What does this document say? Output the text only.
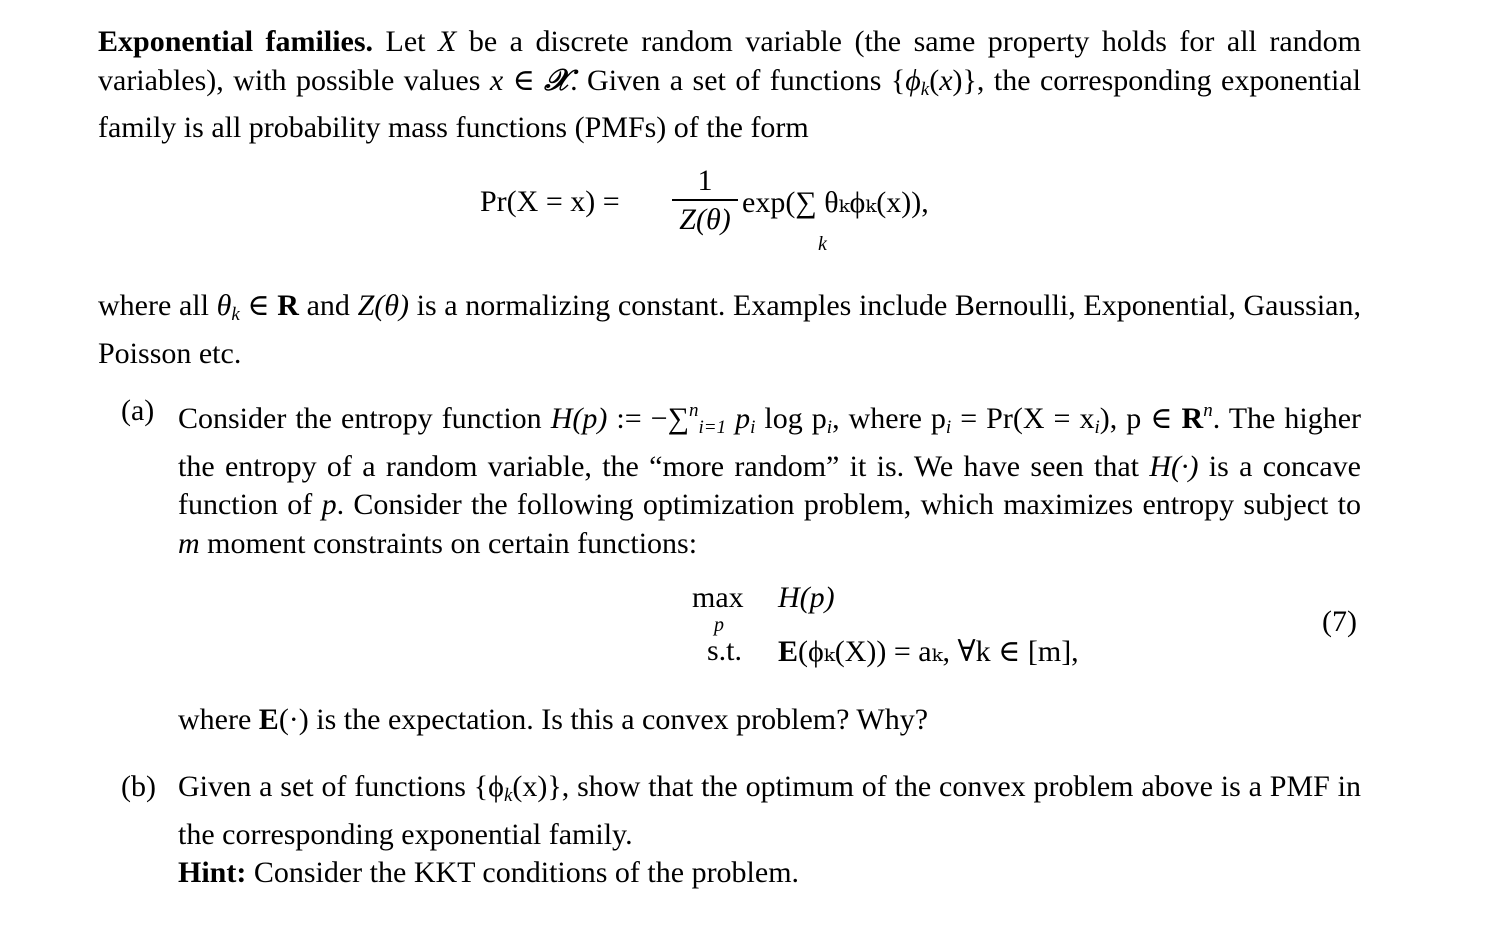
Exponential families. Let X be a discrete random variable (the same property holds for all random variables), with possible values x ∈ 𝒳. Given a set of functions $\{\phi_k(x)\}$, the corresponding exponential family is all probability mass functions (PMFs) of the form
Pr(X = x) =
1
Z(θ)
exp(∑ θₖϕₖ(x)),
k
where all $\theta_k$ ∈ R and Z(θ) is a normalizing constant. Examples include Bernoulli, Exponential, Gaussian, Poisson etc.
(a) Consider the entropy function H(p) := −∑$^n_{i=1}$ $p_i$ $\log p_i$, where $p_i = Pr(X = x_i)$, p ∈ $R^n$. The higher the entropy of a random variable, the “more random” it is. We have seen that H(·) is a concave function of p. Consider the following optimization problem, which maximizes entropy subject to m moment constraints on certain functions:
max
p
H(p)
s.t. E(ϕₖ(X)) = aₖ, ∀k ∈ [m],
(7)
where E(·) is the expectation. Is this a convex problem? Why?
(b) Given a set of functions $\{\phi_k(x)\}$, show that the optimum of the convex problem above is a PMF in the corresponding exponential family.
Hint: Consider the KKT conditions of the problem.
